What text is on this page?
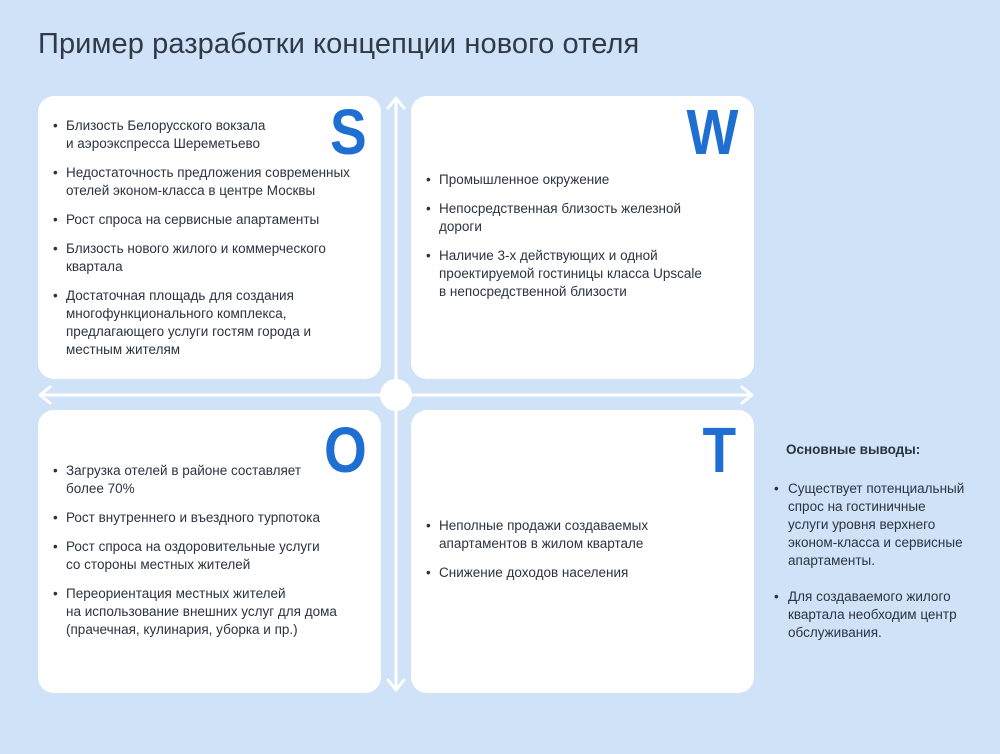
Пример разработки концепции нового отеля
S
• Близость Белорусского вокзала
и аэроэкспресса Шереметьево
• Недостаточность предложения современных
отелей эконом-класса в центре Москвы
• Рост спроса на сервисные апартаменты
• Близость нового жилого и коммерческого
квартала
• Достаточная площадь для создания
многофункционального комплекса,
предлагающего услуги гостям города и
местным жителям
W
• Промышленное окружение
• Непосредственная близость железной
дороги
• Наличие 3-х действующих и одной
проектируемой гостиницы класса Upscale
в непосредственной близости
O
• Загрузка отелей в районе составляет
более 70%
• Рост внутреннего и въездного турпотока
• Рост спроса на оздоровительные услуги
со стороны местных жителей
• Переориентация местных жителей
на использование внешних услуг для дома
(прачечная, кулинария, уборка и пр.)
T
• Неполные продажи создаваемых
апартаментов в жилом квартале
• Снижение доходов населения
Основные выводы:
• Существует потенциальный
спрос на гостиничные
услуги уровня верхнего
эконом-класса и сервисные
апартаменты.
• Для создаваемого жилого
квартала необходим центр
обслуживания.
